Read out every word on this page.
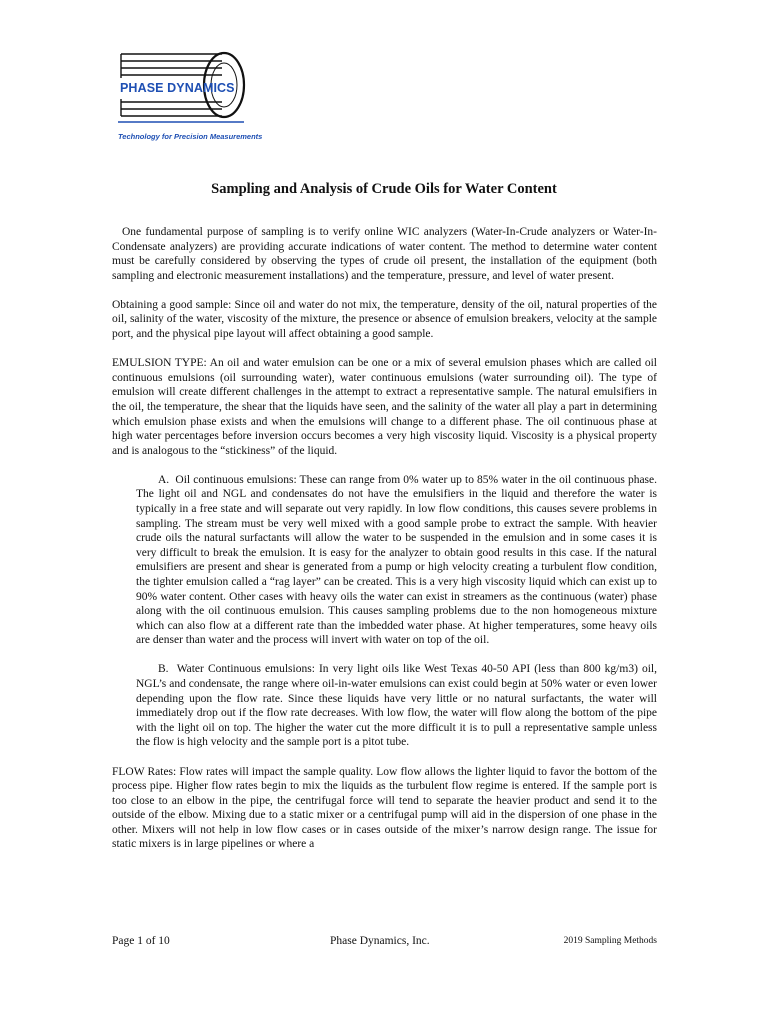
PHASE DYNAMICS
Technology for Precision Measurements
Sampling and Analysis of Crude Oils for Water Content

One fundamental purpose of sampling is to verify online WIC analyzers (Water-In-Crude analyzers or Water-In-Condensate analyzers) are providing accurate indications of water content. The method to determine water content must be carefully considered by observing the types of crude oil present, the installation of the equipment (both sampling and electronic measurement installations) and the temperature, pressure, and level of water present.

Obtaining a good sample: Since oil and water do not mix, the temperature, density of the oil, natural properties of the oil, salinity of the water, viscosity of the mixture, the presence or absence of emulsion breakers, velocity at the sample port, and the physical pipe layout will affect obtaining a good sample.

EMULSION TYPE: An oil and water emulsion can be one or a mix of several emulsion phases which are called oil continuous emulsions (oil surrounding water), water continuous emulsions (water surrounding oil). The type of emulsion will create different challenges in the attempt to extract a representative sample. The natural emulsifiers in the oil, the temperature, the shear that the liquids have seen, and the salinity of the water all play a part in determining which emulsion phase exists and when the emulsions will change to a different phase. The oil continuous phase at high water percentages before inversion occurs becomes a very high viscosity liquid. Viscosity is a physical property and is analogous to the “stickiness” of the liquid.

A. Oil continuous emulsions: These can range from 0% water up to 85% water in the oil continuous phase. The light oil and NGL and condensates do not have the emulsifiers in the liquid and therefore the water is typically in a free state and will separate out very rapidly. In low flow conditions, this causes severe problems in sampling. The stream must be very well mixed with a good sample probe to extract the sample. With heavier crude oils the natural surfactants will allow the water to be suspended in the emulsion and in some cases it is very difficult to break the emulsion. It is easy for the analyzer to obtain good results in this case. If the natural emulsifiers are present and shear is generated from a pump or high velocity creating a turbulent flow condition, the tighter emulsion called a “rag layer” can be created. This is a very high viscosity liquid which can exist up to 90% water content. Other cases with heavy oils the water can exist in streamers as the continuous (water) phase along with the oil continuous emulsion. This causes sampling problems due to the non homogeneous mixture which can also flow at a different rate than the imbedded water phase. At higher temperatures, some heavy oils are denser than water and the process will invert with water on top of the oil.

B. Water Continuous emulsions: In very light oils like West Texas 40-50 API (less than 800 kg/m3) oil, NGL’s and condensate, the range where oil-in-water emulsions can exist could begin at 50% water or even lower depending upon the flow rate. Since these liquids have very little or no natural surfactants, the water will immediately drop out if the flow rate decreases. With low flow, the water will flow along the bottom of the pipe with the light oil on top. The higher the water cut the more difficult it is to pull a representative sample unless the flow is high velocity and the sample port is a pitot tube.

FLOW Rates: Flow rates will impact the sample quality. Low flow allows the lighter liquid to favor the bottom of the process pipe. Higher flow rates begin to mix the liquids as the turbulent flow regime is entered. If the sample port is too close to an elbow in the pipe, the centrifugal force will tend to separate the heavier product and send it to the outside of the elbow. Mixing due to a static mixer or a centrifugal pump will aid in the dispersion of one phase in the other. Mixers will not help in low flow cases or in cases outside of the mixer’s narrow design range. The issue for static mixers is in large pipelines or where a

Page 1 of 10	Phase Dynamics, Inc.	2019 Sampling Methods
